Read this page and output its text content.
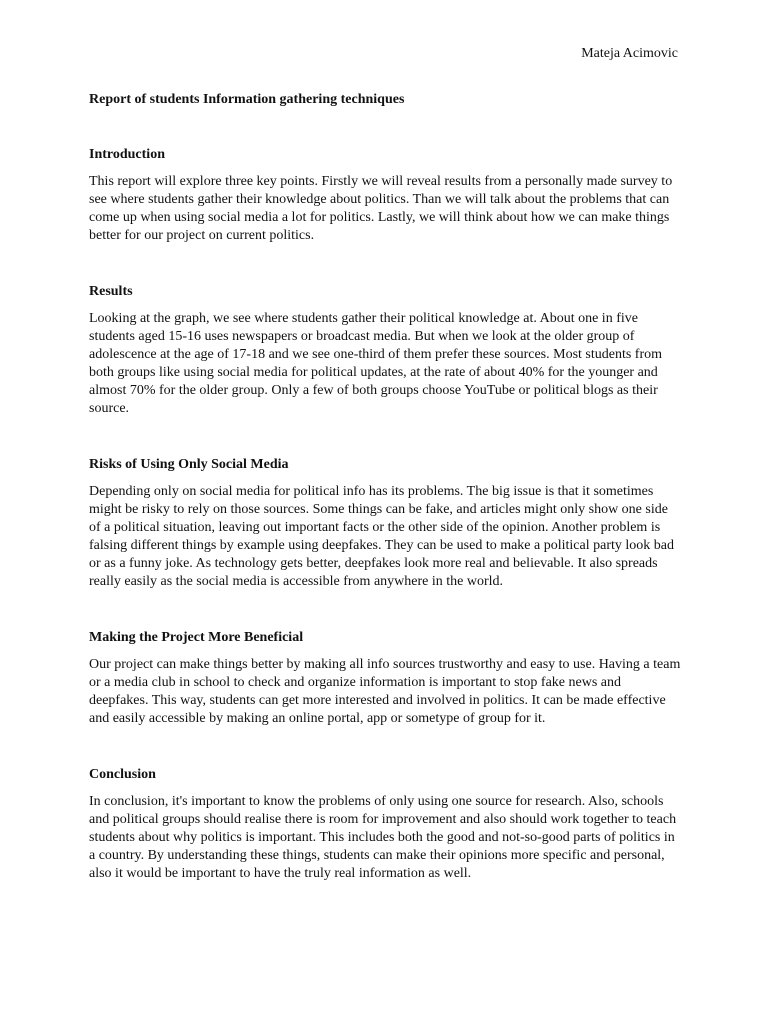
Mateja Acimovic
Report of students Information gathering techniques
Introduction

This report will explore three key points. Firstly we will reveal results from a personally made survey to see where students gather their knowledge about politics. Than we will talk about the problems that can come up when using social media a lot for politics. Lastly, we will think about how we can make things better for our project on current politics.

Results

Looking at the graph, we see where students gather their political knowledge at. About one in five students aged 15-16 uses newspapers or broadcast media. But when we look at the older group of adolescence at the age of 17-18 and we see one-third of them prefer these sources. Most students from both groups like using social media for political updates, at the rate of about 40% for the younger and almost 70% for the older group. Only a few of both groups choose YouTube or political blogs as their source.

Risks of Using Only Social Media

Depending only on social media for political info has its problems. The big issue is that it sometimes might be risky to rely on those sources. Some things can be fake, and articles might only show one side of a political situation, leaving out important facts or the other side of the opinion. Another problem is falsing different things by example using deepfakes. They can be used to make a political party look bad or as a funny joke. As technology gets better, deepfakes look more real and believable. It also spreads really easily as the social media is accessible from anywhere in the world.

Making the Project More Beneficial

Our project can make things better by making all info sources trustworthy and easy to use. Having a team or a media club in school to check and organize information is important to stop fake news and deepfakes. This way, students can get more interested and involved in politics. It can be made effective and easily accessible by making an online portal, app or sometype of group for it.

Conclusion

In conclusion, it's important to know the problems of only using one source for research. Also, schools and political groups should realise there is room for improvement and also should work together to teach students about why politics is important. This includes both the good and not-so-good parts of politics in a country. By understanding these things, students can make their opinions more specific and personal, also it would be important to have the truly real information as well.
